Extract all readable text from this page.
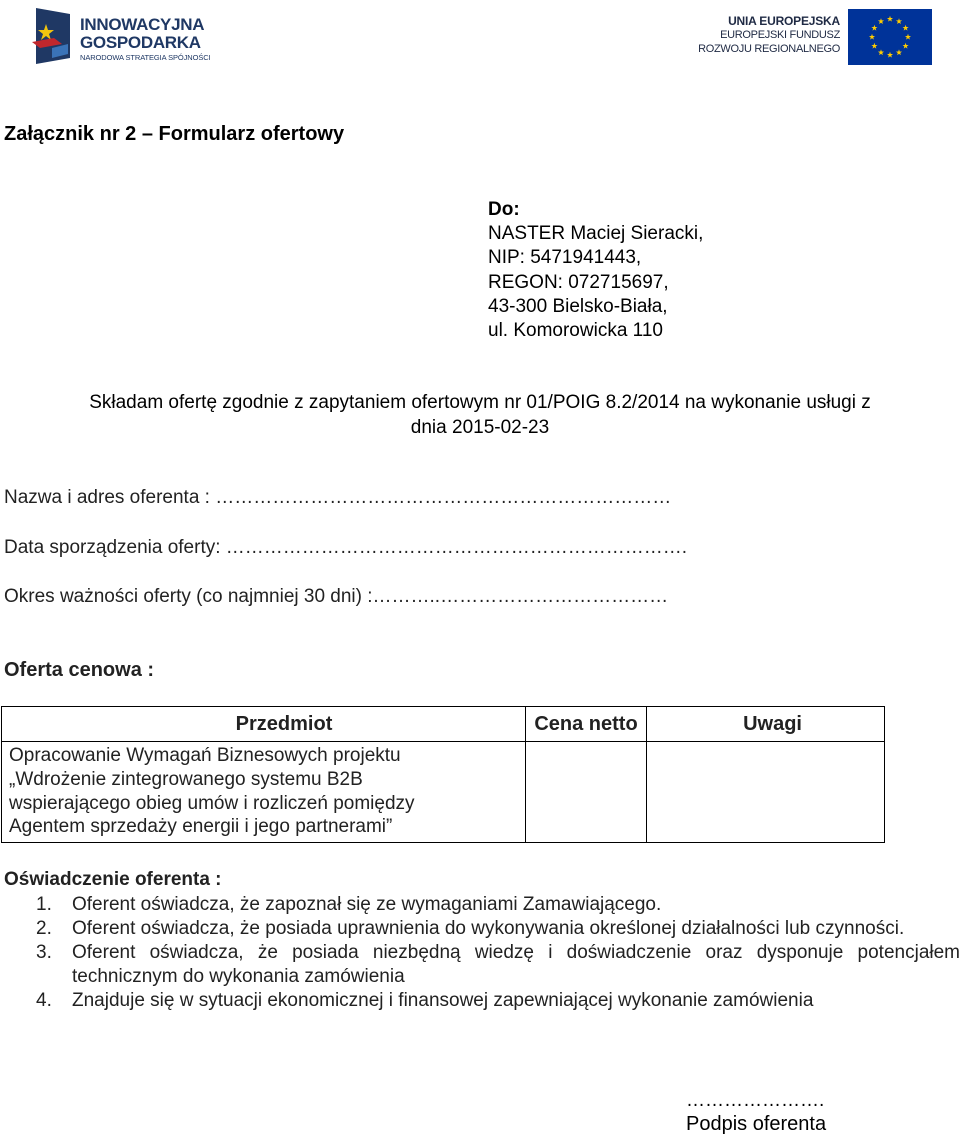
INNOWACYJNA
GOSPODARKA
NARODOWA STRATEGIA SPÓJNOŚCI
UNIA EUROPEJSKA
EUROPEJSKI FUNDUSZ
ROZWOJU REGIONALNEGO
Załącznik nr 2 – Formularz ofertowy
Do:
NASTER Maciej Sieracki,
NIP: 5471941443,
REGON: 072715697,
43-300 Bielsko-Biała,
ul. Komorowicka 110
Składam ofertę zgodnie z zapytaniem ofertowym nr 01/POIG 8.2/2014 na wykonanie usługi z
dnia 2015-02-23
Nazwa i adres oferenta : ………………………………………………………………
Data sporządzenia oferty: ……………………………………………………………….
Okres ważności oferty (co najmniej 30 dni) :………..………………………………
Oferta cenowa :
Przedmiot	Cena netto	Uwagi

Opracowanie Wymagań Biznesowych projektu
„Wdrożenie zintegrowanego systemu B2B
wspierającego obieg umów i rozliczeń pomiędzy
Agentem sprzedaży energii i jego partnerami”		

Oświadczenie oferenta :
1. Oferent oświadcza, że zapoznał się ze wymaganiami Zamawiającego.
2. Oferent oświadcza, że posiada uprawnienia do wykonywania określonej działalności lub czynności.
3. Oferent oświadcza, że posiada niezbędną wiedzę i doświadczenie oraz dysponuje potencjałem technicznym do wykonania zamówienia
4. Znajduje się w sytuacji ekonomicznej i finansowej zapewniającej wykonanie zamówienia
………………….
Podpis oferenta
